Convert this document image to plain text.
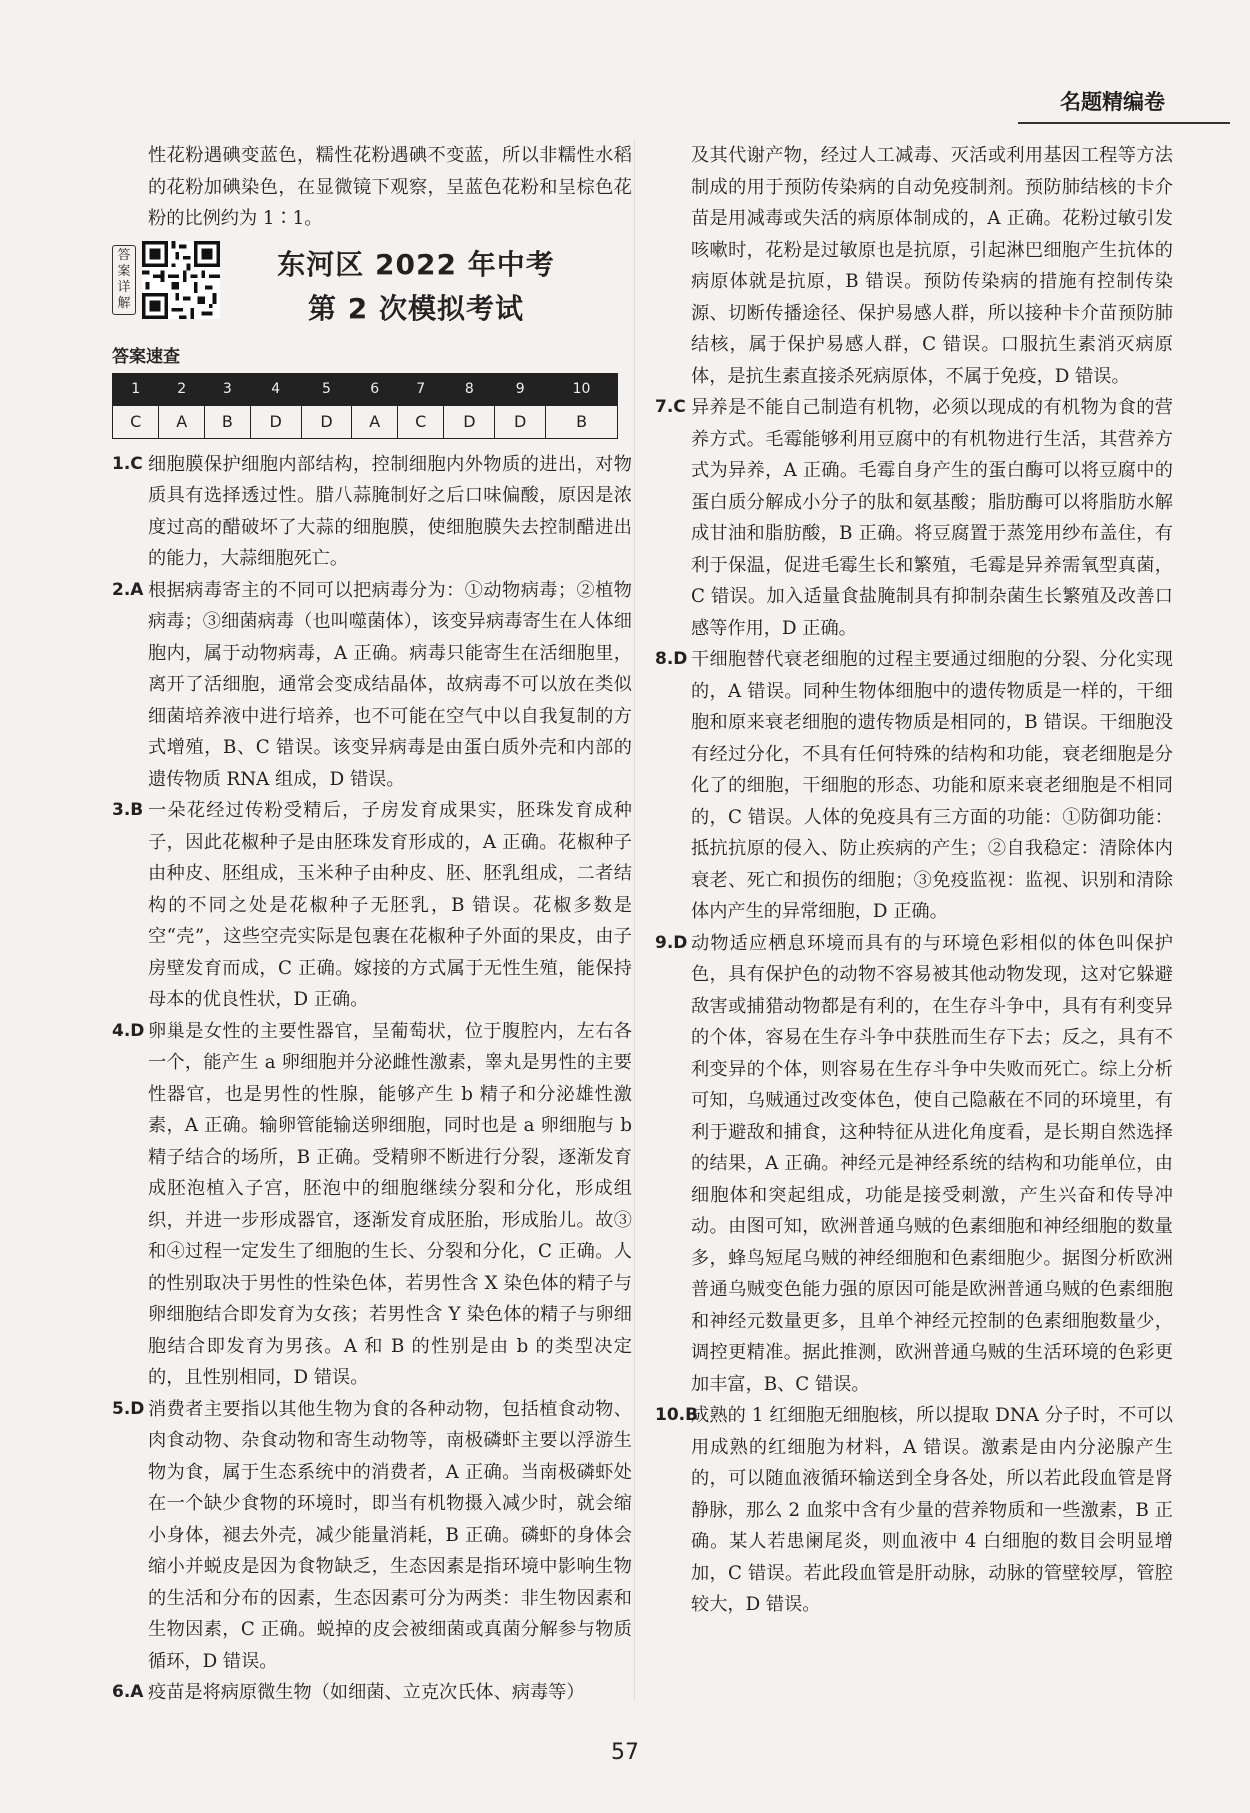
名题精编卷

性花粉遇碘变蓝色，糯性花粉遇碘不变蓝，所以非糯性水稻的花粉加碘染色，在显微镜下观察，呈蓝色花粉和呈棕色花粉的比例约为 1∶1。

答案详解
东河区 2022 年中考
第 2 次模拟考试
答案速查
1	2	3	4	5	6	7	8	9	10
C	A	B	D	D	A	C	D	D	B
1.C 细胞膜保护细胞内部结构，控制细胞内外物质的进出，对物质具有选择透过性。腊八蒜腌制好之后口味偏酸，原因是浓度过高的醋破坏了大蒜的细胞膜，使细胞膜失去控制醋进出的能力，大蒜细胞死亡。
2.A 根据病毒寄主的不同可以把病毒分为：①动物病毒；②植物病毒；③细菌病毒（也叫噬菌体），该变异病毒寄生在人体细胞内，属于动物病毒，A 正确。病毒只能寄生在活细胞里，离开了活细胞，通常会变成结晶体，故病毒不可以放在类似细菌培养液中进行培养，也不可能在空气中以自我复制的方式增殖，B、C 错误。该变异病毒是由蛋白质外壳和内部的遗传物质 RNA 组成，D 错误。
3.B 一朵花经过传粉受精后，子房发育成果实，胚珠发育成种子，因此花椒种子是由胚珠发育形成的，A 正确。花椒种子由种皮、胚组成，玉米种子由种皮、胚、胚乳组成，二者结构的不同之处是花椒种子无胚乳，B 错误。花椒多数是空“壳”，这些空壳实际是包裹在花椒种子外面的果皮，由子房壁发育而成，C 正确。嫁接的方式属于无性生殖，能保持母本的优良性状，D 正确。
4.D 卵巢是女性的主要性器官，呈葡萄状，位于腹腔内，左右各一个，能产生 a 卵细胞并分泌雌性激素，睾丸是男性的主要性器官，也是男性的性腺，能够产生 b 精子和分泌雄性激素，A 正确。输卵管能输送卵细胞，同时也是 a 卵细胞与 b 精子结合的场所，B 正确。受精卵不断进行分裂，逐渐发育成胚泡植入子宫，胚泡中的细胞继续分裂和分化，形成组织，并进一步形成器官，逐渐发育成胚胎，形成胎儿。故③和④过程一定发生了细胞的生长、分裂和分化，C 正确。人的性别取决于男性的性染色体，若男性含 X 染色体的精子与卵细胞结合即发育为女孩；若男性含 Y 染色体的精子与卵细胞结合即发育为男孩。A 和 B 的性别是由 b 的类型决定的，且性别相同，D 错误。
5.D 消费者主要指以其他生物为食的各种动物，包括植食动物、肉食动物、杂食动物和寄生动物等，南极磷虾主要以浮游生物为食，属于生态系统中的消费者，A 正确。当南极磷虾处在一个缺少食物的环境时，即当有机物摄入减少时，就会缩小身体，褪去外壳，减少能量消耗，B 正确。磷虾的身体会缩小并蜕皮是因为食物缺乏，生态因素是指环境中影响生物的生活和分布的因素，生态因素可分为两类：非生物因素和生物因素，C 正确。蜕掉的皮会被细菌或真菌分解参与物质循环，D 错误。
6.A 疫苗是将病原微生物（如细菌、立克次氏体、病毒等）

及其代谢产物，经过人工减毒、灭活或利用基因工程等方法制成的用于预防传染病的自动免疫制剂。预防肺结核的卡介苗是用减毒或失活的病原体制成的，A 正确。花粉过敏引发咳嗽时，花粉是过敏原也是抗原，引起淋巴细胞产生抗体的病原体就是抗原，B 错误。预防传染病的措施有控制传染源、切断传播途径、保护易感人群，所以接种卡介苗预防肺结核，属于保护易感人群，C 错误。口服抗生素消灭病原体，是抗生素直接杀死病原体，不属于免疫，D 错误。

7.C 异养是不能自己制造有机物，必须以现成的有机物为食的营养方式。毛霉能够利用豆腐中的有机物进行生活，其营养方式为异养，A 正确。毛霉自身产生的蛋白酶可以将豆腐中的蛋白质分解成小分子的肽和氨基酸；脂肪酶可以将脂肪水解成甘油和脂肪酸，B 正确。将豆腐置于蒸笼用纱布盖住，有利于保温，促进毛霉生长和繁殖，毛霉是异养需氧型真菌，C 错误。加入适量食盐腌制具有抑制杂菌生长繁殖及改善口感等作用，D 正确。
8.D 干细胞替代衰老细胞的过程主要通过细胞的分裂、分化实现的，A 错误。同种生物体细胞中的遗传物质是一样的，干细胞和原来衰老细胞的遗传物质是相同的，B 错误。干细胞没有经过分化，不具有任何特殊的结构和功能，衰老细胞是分化了的细胞，干细胞的形态、功能和原来衰老细胞是不相同的，C 错误。人体的免疫具有三方面的功能：①防御功能：抵抗抗原的侵入、防止疾病的产生；②自我稳定：清除体内衰老、死亡和损伤的细胞；③免疫监视：监视、识别和清除体内产生的异常细胞，D 正确。
9.D 动物适应栖息环境而具有的与环境色彩相似的体色叫保护色，具有保护色的动物不容易被其他动物发现，这对它躲避敌害或捕猎动物都是有利的，在生存斗争中，具有有利变异的个体，容易在生存斗争中获胜而生存下去；反之，具有不利变异的个体，则容易在生存斗争中失败而死亡。综上分析可知，乌贼通过改变体色，使自己隐蔽在不同的环境里，有利于避敌和捕食，这种特征从进化角度看，是长期自然选择的结果，A 正确。神经元是神经系统的结构和功能单位，由细胞体和突起组成，功能是接受刺激，产生兴奋和传导冲动。由图可知，欧洲普通乌贼的色素细胞和神经细胞的数量多，蜂鸟短尾乌贼的神经细胞和色素细胞少。据图分析欧洲普通乌贼变色能力强的原因可能是欧洲普通乌贼的色素细胞和神经元数量更多，且单个神经元控制的色素细胞数量少，调控更精准。据此推测，欧洲普通乌贼的生活环境的色彩更加丰富，B、C 错误。
10.B
成熟的 1 红细胞无细胞核，所以提取 DNA 分子时，不可以用成熟的红细胞为材料，A 错误。激素是由内分泌腺产生的，可以随血液循环输送到全身各处，所以若此段血管是肾静脉，那么 2 血浆中含有少量的营养物质和一些激素，B 正确。某人若患阑尾炎，则血液中 4 白细胞的数目会明显增加，C 错误。若此段血管是肝动脉，动脉的管壁较厚，管腔较大，D 错误。
57
